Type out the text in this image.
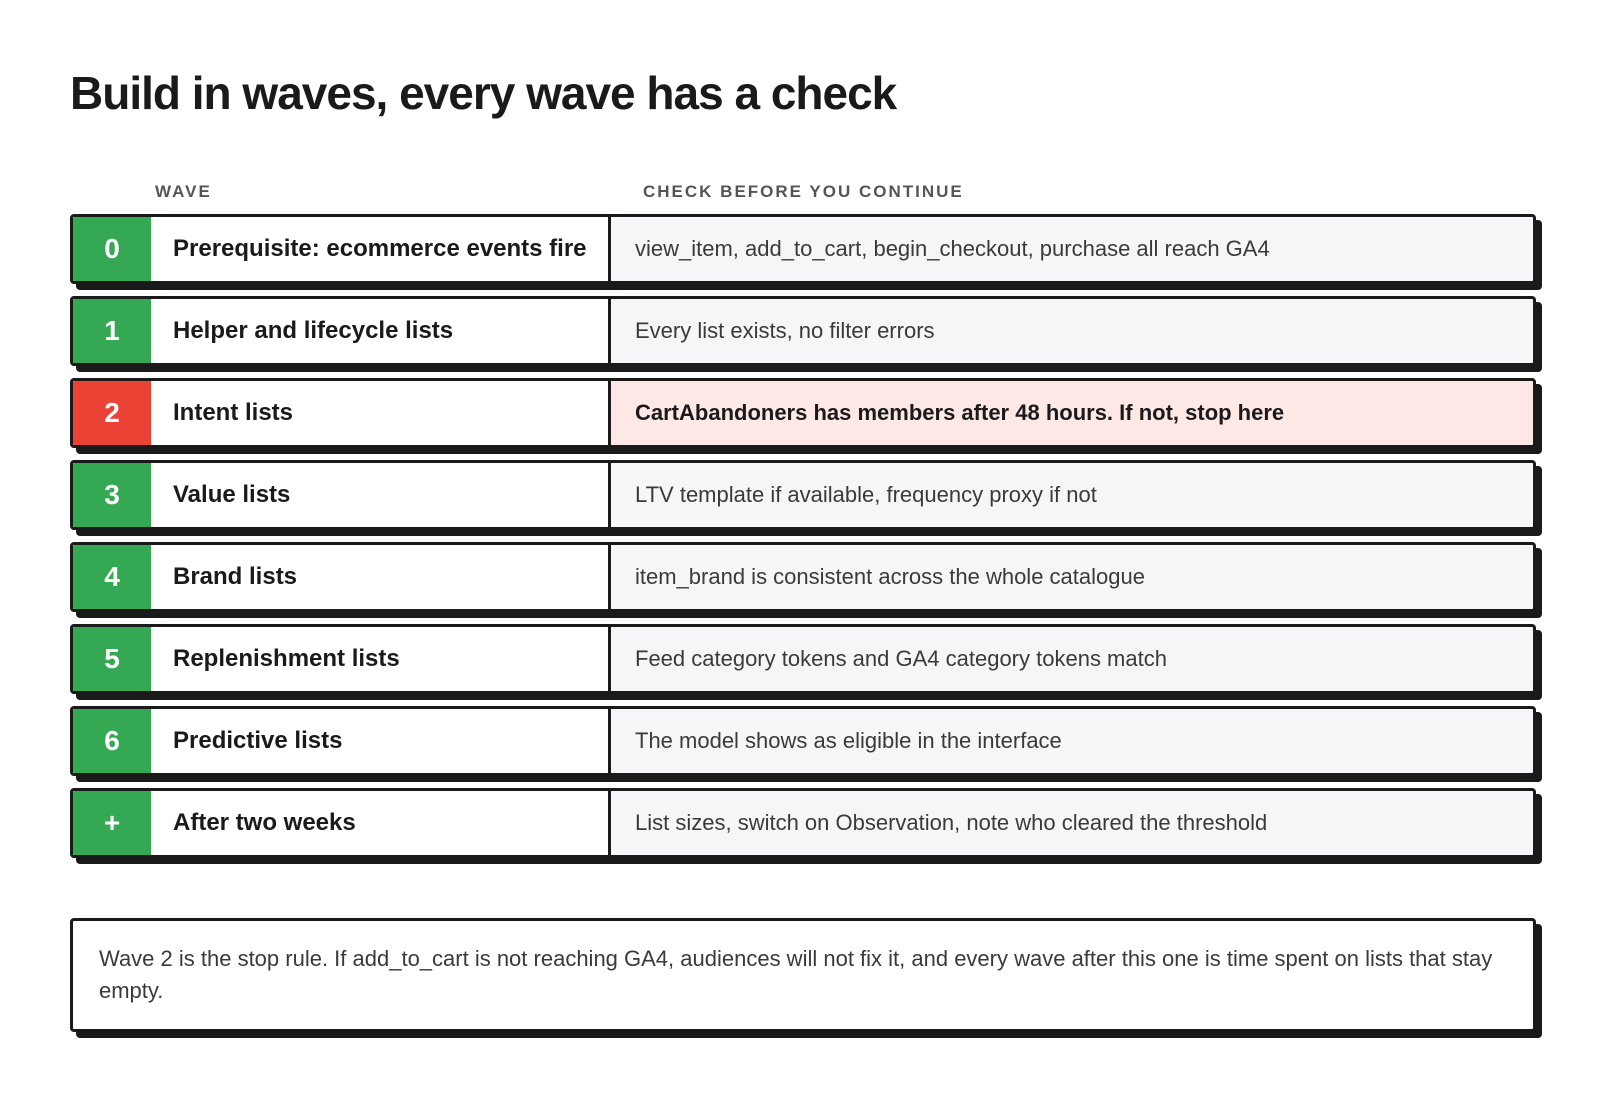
Build in waves, every wave has a check
WAVE	CHECK BEFORE YOU CONTINUE
0	Prerequisite: ecommerce events fire	view_item, add_to_cart, begin_checkout, purchase all reach GA4
1	Helper and lifecycle lists	Every list exists, no filter errors
2	Intent lists	CartAbandoners has members after 48 hours. If not, stop here
3	Value lists	LTV template if available, frequency proxy if not
4	Brand lists	item_brand is consistent across the whole catalogue
5	Replenishment lists	Feed category tokens and GA4 category tokens match
6	Predictive lists	The model shows as eligible in the interface
+	After two weeks	List sizes, switch on Observation, note who cleared the threshold
Wave 2 is the stop rule. If add_to_cart is not reaching GA4, audiences will not fix it, and every wave after this one is time spent on lists that stay empty.
